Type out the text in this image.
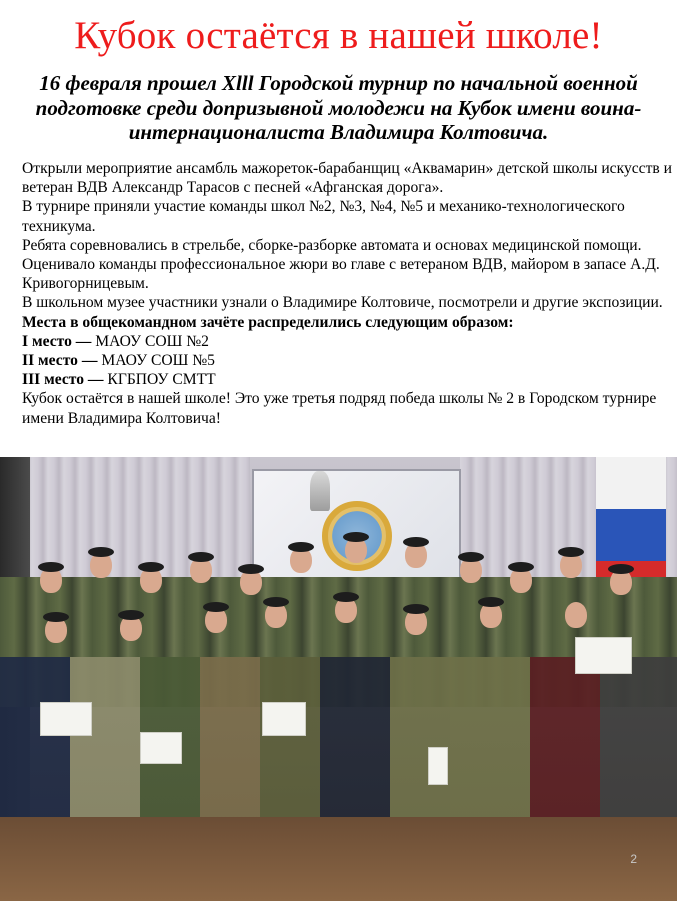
Кубок остаётся в нашей школе!

16 февраля прошел Xlll Городской турнир по начальной военной подготовке среди допризывной молодежи на Кубок имени воина-интернационалиста Владимира Колтовича.

Открыли мероприятие ансамбль мажореток-барабанщиц «Аквамарин» детской школы искусств и ветеран ВДВ Александр Тарасов с песней «Афганская дорога».

В турнире приняли участие команды школ №2, №3, №4, №5 и механико-технологического техникума.

Ребята соревновались в стрельбе, сборке-разборке автомата и основах медицинской помощи. Оценивало команды профессиональное жюри во главе с ветераном ВДВ, майором в запасе А.Д. Кривогорницевым.

В школьном музее участники узнали о Владимире Колтовиче, посмотрели и другие экспозиции.

Места в общекомандном зачёте распределились следующим образом:

I место — МАОУ СОШ №2

II место — МАОУ СОШ №5

III место — КГБПОУ СМТТ

Кубок остаётся в нашей школе! Это уже третья подряд победа школы № 2 в Городском турнире имени Владимира Колтовича!

2
